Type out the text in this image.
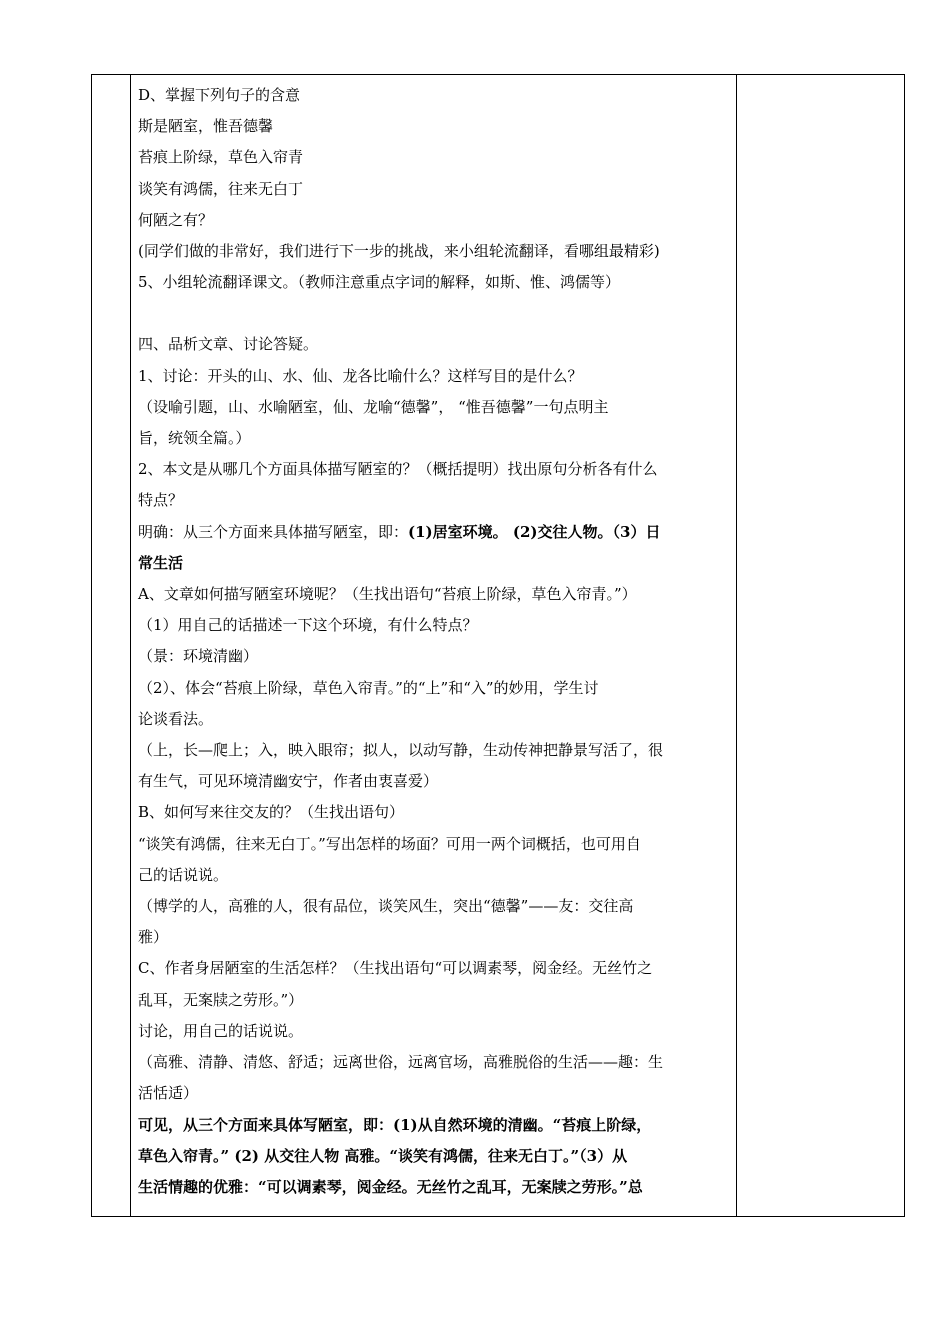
D、掌握下列句子的含意
斯是陋室，惟吾德馨
苔痕上阶绿，草色入帘青
谈笑有鸿儒，往来无白丁
何陋之有？
(同学们做的非常好，我们进行下一步的挑战，来小组轮流翻译，看哪组最精彩)
5、小组轮流翻译课文。（教师注意重点字词的解释，如斯、惟、鸿儒等）
四、品析文章、讨论答疑。
1、讨论：开头的山、水、仙、龙各比喻什么？这样写目的是什么？
（设喻引题，山、水喻陋室，仙、龙喻“德馨”， “惟吾德馨”一句点明主
旨，统领全篇。）
2、本文是从哪几个方面具体描写陋室的？（概括提明）找出原句分析各有什么
特点？
明确：从三个方面来具体描写陋室，即：(1)居室环境。 (2)交往人物。（3）日
常生活
A、文章如何描写陋室环境呢？（生找出语句“苔痕上阶绿，草色入帘青。”）
（1）用自己的话描述一下这个环境，有什么特点？
（景：环境清幽）
（2）、体会“苔痕上阶绿，草色入帘青。”的“上”和“入”的妙用，学生讨
论谈看法。
（上，长—爬上；入，映入眼帘；拟人，以动写静，生动传神把静景写活了，很
有生气，可见环境清幽安宁，作者由衷喜爱）
B、如何写来往交友的？（生找出语句）
“谈笑有鸿儒，往来无白丁。”写出怎样的场面？可用一两个词概括，也可用自
己的话说说。
（博学的人，高雅的人，很有品位，谈笑风生，突出“德馨”——友：交往高
雅）
C、作者身居陋室的生活怎样？（生找出语句“可以调素琴，阅金经。无丝竹之
乱耳，无案牍之劳形。”）
讨论，用自己的话说说。
（高雅、清静、清悠、舒适；远离世俗，远离官场，高雅脱俗的生活——趣：生
活恬适）
可见，从三个方面来具体写陋室，即：(1)从自然环境的清幽。“苔痕上阶绿，
草色入帘青。” (2) 从交往人物 高雅。“谈笑有鸿儒，往来无白丁。”（3）从
生活情趣的优雅：“可以调素琴，阅金经。无丝竹之乱耳，无案牍之劳形。”总
